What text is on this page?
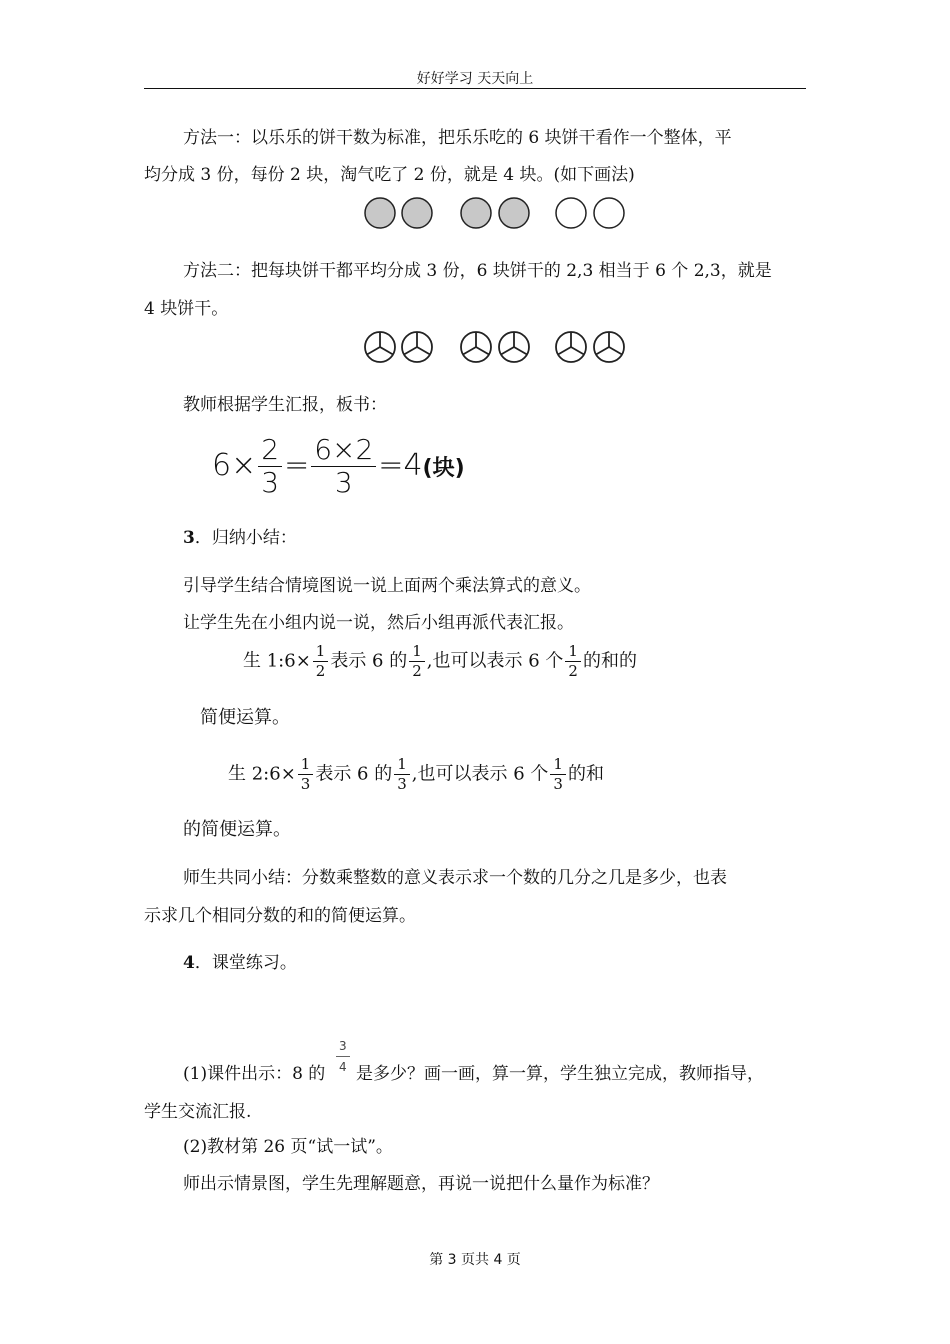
好好学习 天天向上
方法一：以乐乐的饼干数为标准，把乐乐吃的 6 块饼干看作一个整体，平
均分成 3 份，每份 2 块，淘气吃了 2 份，就是 4 块。(如下画法)
方法二：把每块饼干都平均分成 3 份，6 块饼干的 2,3 相当于 6 个 2,3，就是
4 块饼干。
教师根据学生汇报，板书：
$6\times \frac{2}{3} = \frac{6\times 2}{3} =4$(块)
3．归纳小结：
引导学生结合情境图说一说上面两个乘法算式的意义。
让学生先在小组内说一说，然后小组再派代表汇报。
生 1:6× $\frac{1}{2}$ 表示 6 的 $\frac{1}{2}$ ,也可以表示 6 个 $\frac{1}{2}$ 的和的
简便运算。
生 2:6× $\frac{1}{3}$ 表示 6 的 $\frac{1}{3}$ ,也可以表示 6 个 $\frac{1}{3}$ 的和
的简便运算。
师生共同小结：分数乘整数的意义表示求一个数的几分之几是多少，也表
示求几个相同分数的和的简便运算。
4．课堂练习。
$\frac{3}{4}$
(1)课件出示：8 的 是多少？画一画，算一算，学生独立完成，教师指导，
学生交流汇报.
(2)教材第 26 页“试一试”。
师出示情景图，学生先理解题意，再说一说把什么量作为标准？
第 3 页共 4 页
